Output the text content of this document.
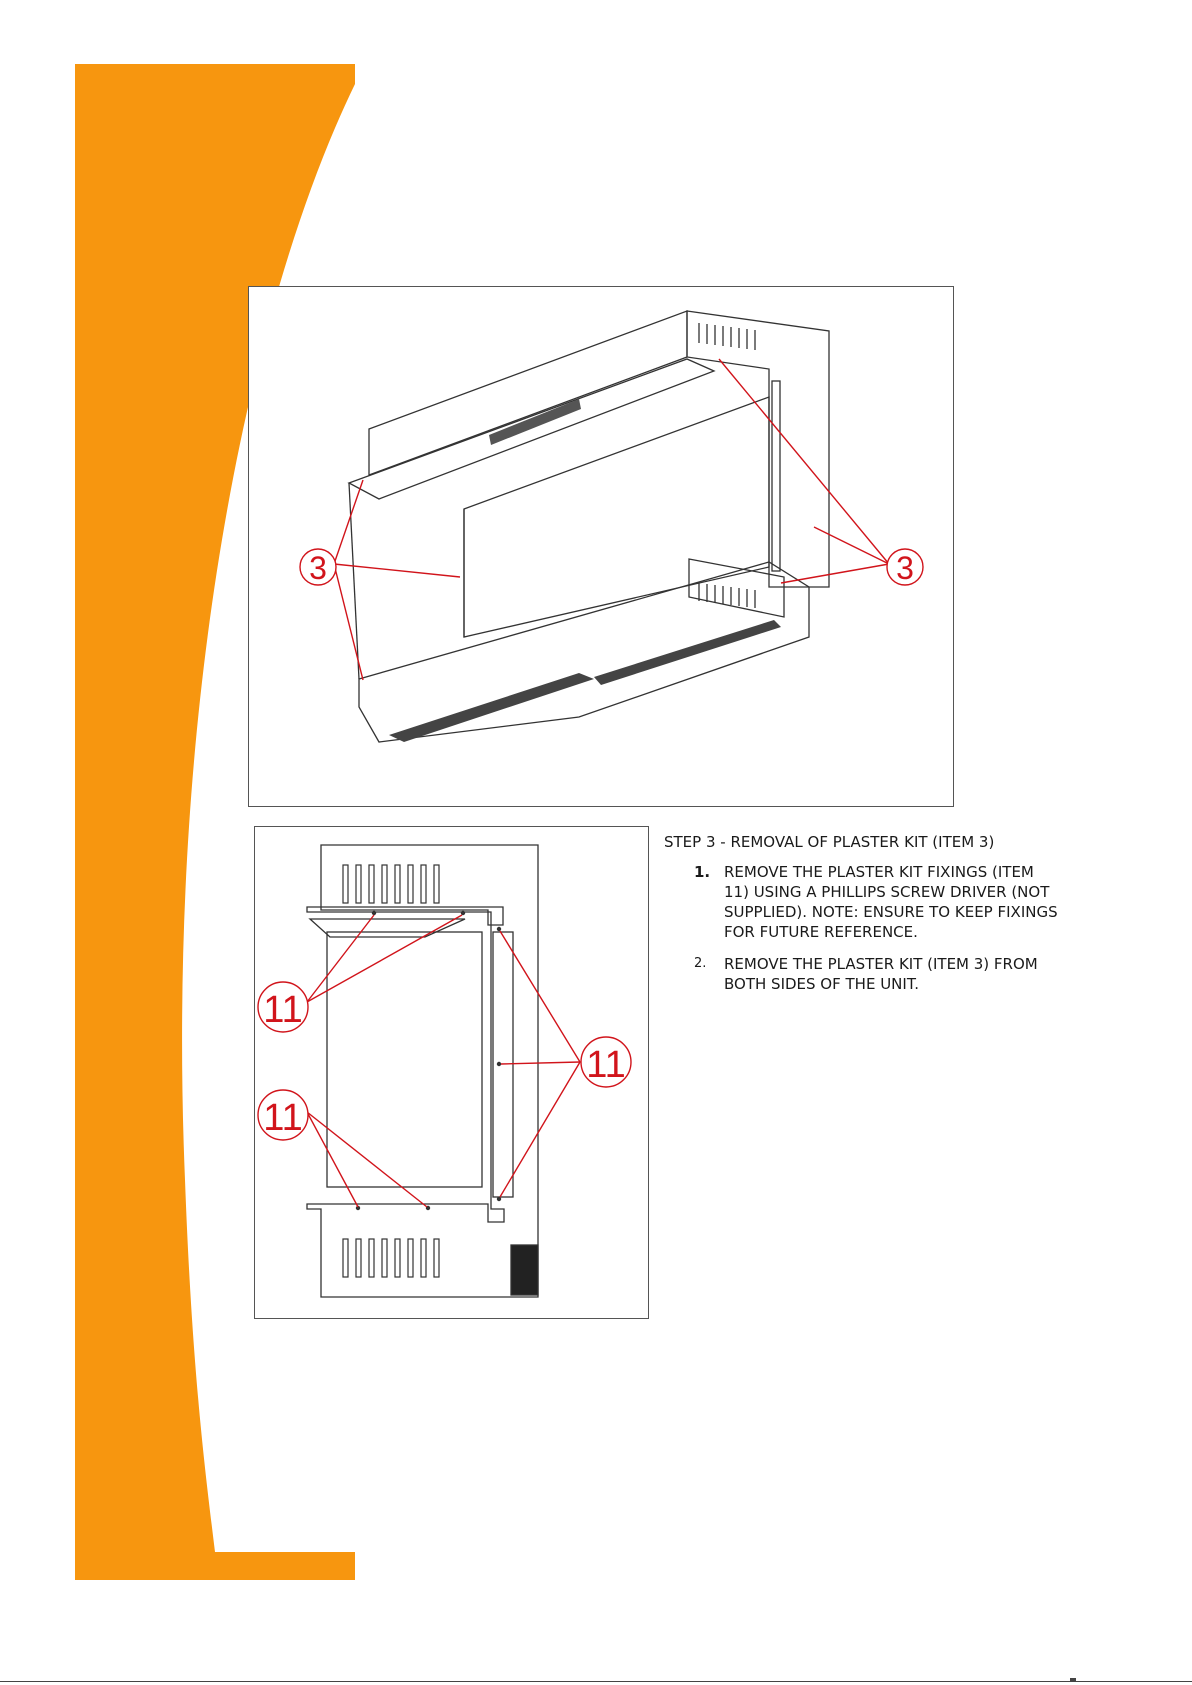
3	3
11
11
11

STEP 3 - REMOVAL OF PLASTER KIT (ITEM 3)

1. REMOVE THE PLASTER KIT FIXINGS (ITEM
11) USING A PHILLIPS SCREW DRIVER (NOT
SUPPLIED). NOTE: ENSURE TO KEEP FIXINGS
FOR FUTURE REFERENCE.
2. REMOVE THE PLASTER KIT (ITEM 3) FROM
BOTH SIDES OF THE UNIT.
